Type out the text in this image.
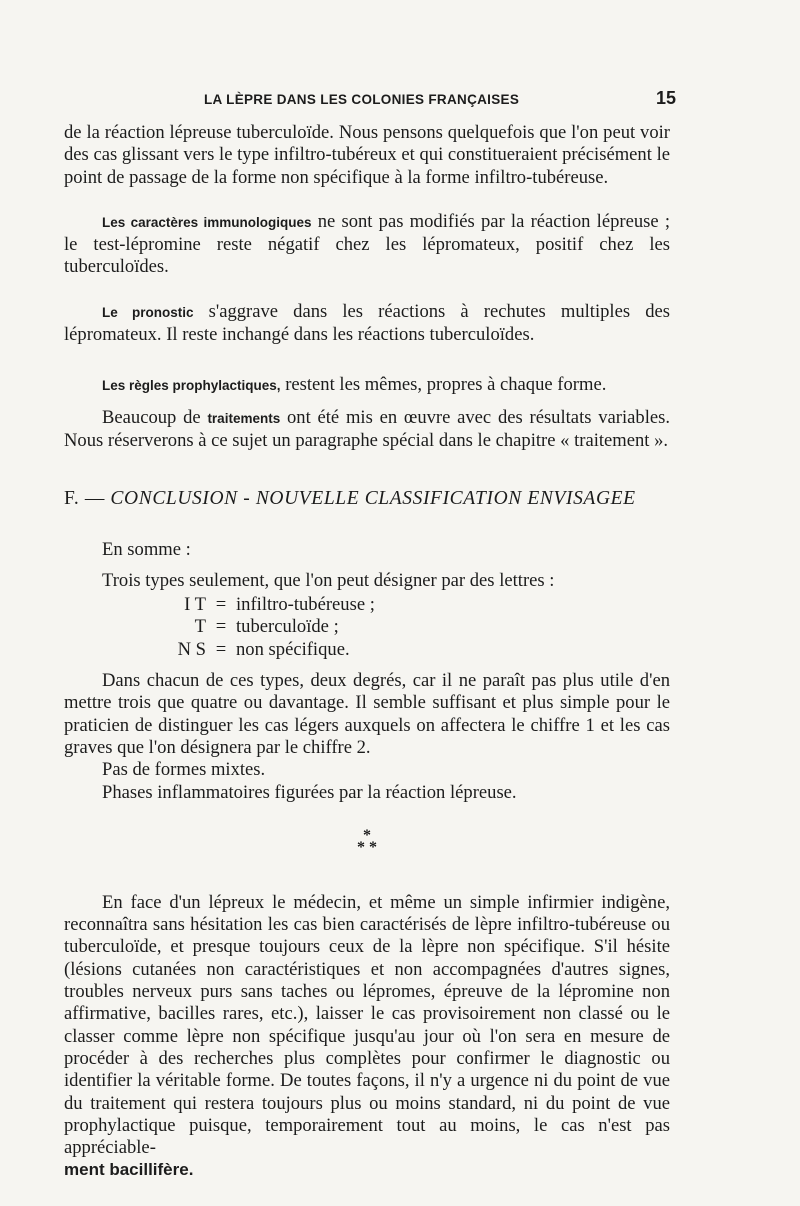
LA LÈPRE DANS LES COLONIES FRANÇAISES	15

de la réaction lépreuse tuberculoïde. Nous pensons quelquefois que l'on peut voir des cas glissant vers le type infiltro-tubéreux et qui constitueraient précisément le point de passage de la forme non spécifique à la forme infiltro-tubéreuse.

Les caractères immunologiques ne sont pas modifiés par la réaction lépreuse ; le test-lépromine reste négatif chez les lépromateux, positif chez les tuberculoïdes.

Le pronostic s'aggrave dans les réactions à rechutes multiples des lépromateux. Il reste inchangé dans les réactions tuberculoïdes.

Les règles prophylactiques, restent les mêmes, propres à chaque forme.

Beaucoup de traitements ont été mis en œuvre avec des résultats variables. Nous réserverons à ce sujet un paragraphe spécial dans le chapitre « traitement ».

F. — CONCLUSION - NOUVELLE CLASSIFICATION ENVISAGEE

En somme :

Trois types seulement, que l'on peut désigner par des lettres :

I T = infiltro-tubéreuse ;
T = tuberculoïde ;
N S = non spécifique.

Dans chacun de ces types, deux degrés, car il ne paraît pas plus utile d'en mettre trois que quatre ou davantage. Il semble suffisant et plus simple pour le praticien de distinguer les cas légers auxquels on affectera le chiffre 1 et les cas graves que l'on désignera par le chiffre 2.

Pas de formes mixtes.

Phases inflammatoires figurées par la réaction lépreuse.

*
* *

En face d'un lépreux le médecin, et même un simple infirmier indigène, reconnaîtra sans hésitation les cas bien caractérisés de lèpre infiltro-tubéreuse ou tuberculoïde, et presque toujours ceux de la lèpre non spécifique. S'il hésite (lésions cutanées non caractéristiques et non accompagnées d'autres signes, troubles nerveux purs sans taches ou lépromes, épreuve de la lépromine non affirmative, bacilles rares, etc.), laisser le cas provisoirement non classé ou le classer comme lèpre non spécifique jusqu'au jour où l'on sera en mesure de procéder à des recherches plus complètes pour confirmer le diagnostic ou identifier la véritable forme. De toutes façons, il n'y a urgence ni du point de vue du traitement qui restera toujours plus ou moins standard, ni du point de vue prophylactique puisque, temporairement tout au moins, le cas n'est pas appréciable-
ment bacillifère.
